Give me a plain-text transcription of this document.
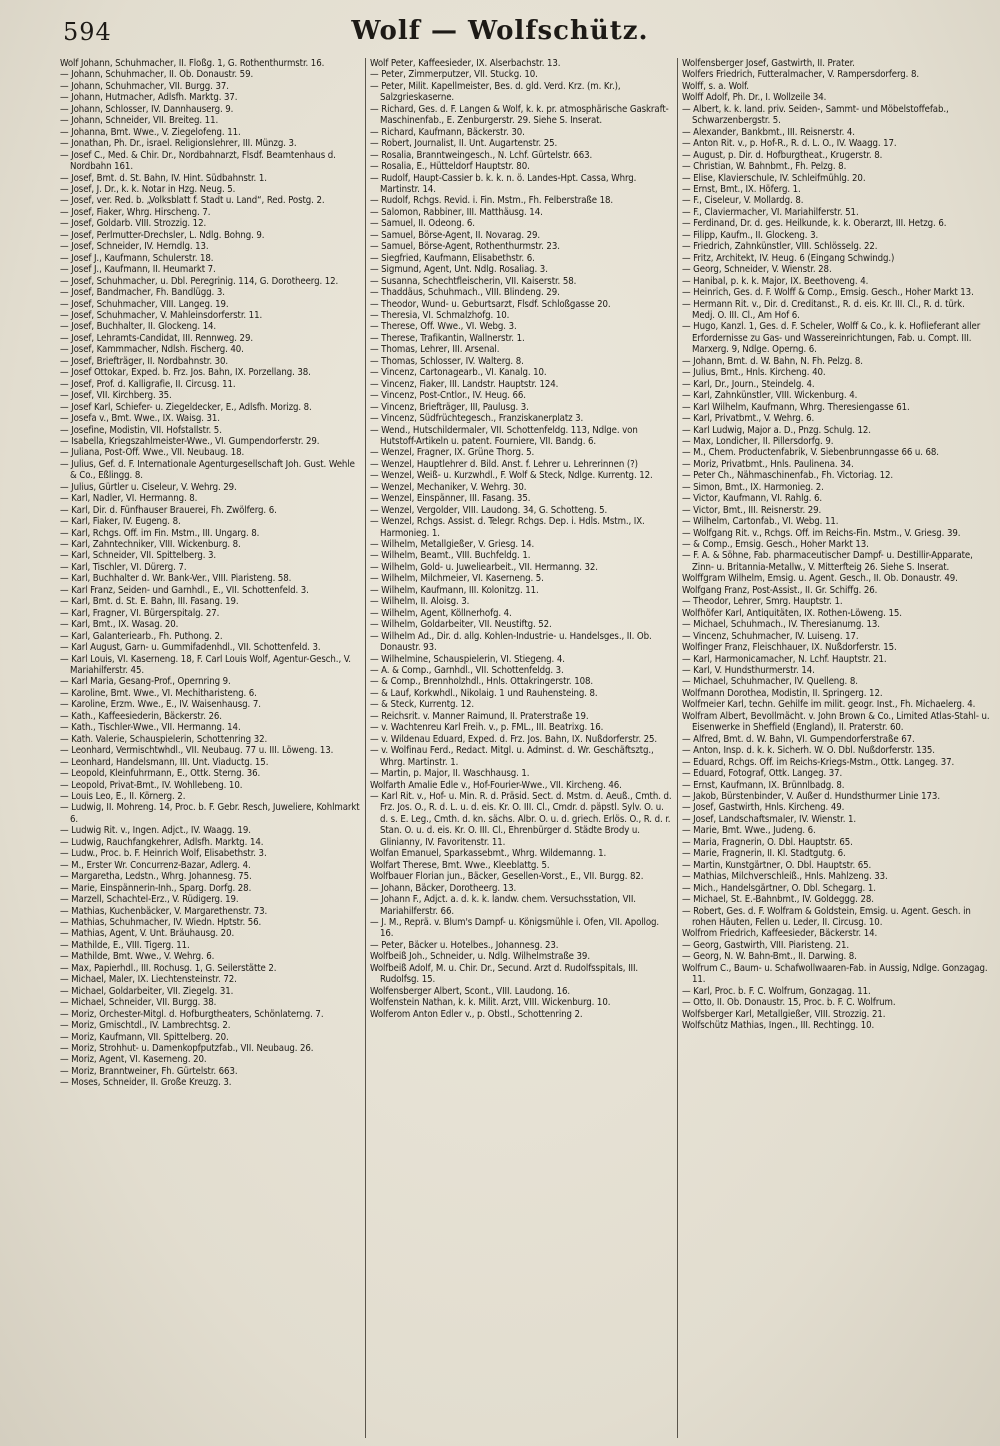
594	Wolf — Wolfschütz.
Wolf Johann, Schuhmacher, II. Floßg. 1, G. Rothenthurmstr. 16.
— Johann, Schuhmacher, II. Ob. Donaustr. 59.
— Johann, Schuhmacher, VII. Burgg. 37.
— Johann, Hutmacher, Adlsfh. Marktg. 37.
— Johann, Schlosser, IV. Dannhauserg. 9.
— Johann, Schneider, VII. Breiteg. 11.
— Johanna, Bmt. Wwe., V. Ziegelofeng. 11.
— Jonathan, Ph. Dr., israel. Religionslehrer, III. Münzg. 3.
— Josef C., Med. & Chir. Dr., Nordbahnarzt, Flsdf. Beamtenhaus d. Nordbahn 161.
— Josef, Bmt. d. St. Bahn, IV. Hint. Südbahnstr. 1.
— Josef, J. Dr., k. k. Notar in Hzg. Neug. 5.
— Josef, ver. Red. b. „Volksblatt f. Stadt u. Land“, Red. Postg. 2.
— Josef, Fiaker, Whrg. Hirscheng. 7.
— Josef, Goldarb. VIII. Strozzig. 12.
— Josef, Perlmutter-Drechsler, L. Ndlg. Bohng. 9.
— Josef, Schneider, IV. Herndlg. 13.
— Josef J., Kaufmann, Schulerstr. 18.
— Josef J., Kaufmann, II. Heumarkt 7.
— Josef, Schuhmacher, u. Dbl. Peregrinig. 114, G. Dorotheerg. 12.
— Josef, Bandmacher, Fh. Bandlügg. 3.
— Josef, Schuhmacher, VIII. Langeg. 19.
— Josef, Schuhmacher, V. Mahleinsdorferstr. 11.
— Josef, Buchhalter, II. Glockeng. 14.
— Josef, Lehramts-Candidat, III. Rennweg. 29.
— Josef, Kammmacher, Ndlsh. Fischerg. 40.
— Josef, Briefträger, II. Nordbahnstr. 30.
— Josef Ottokar, Exped. b. Frz. Jos. Bahn, IX. Porzellang. 38.
— Josef, Prof. d. Kalligrafie, II. Circusg. 11.
— Josef, VII. Kirchberg. 35.
— Josef Karl, Schiefer- u. Ziegeldecker, E., Adlsfh. Morizg. 8.
— Josefa v., Bmt. Wwe., IX. Waisg. 31.
— Josefine, Modistin, VII. Hofstallstr. 5.
— Isabella, Kriegszahlmeister-Wwe., VI. Gumpendorferstr. 29.
— Juliana, Post-Off. Wwe., VII. Neubaug. 18.
— Julius, Gef. d. F. Internationale Agenturgesellschaft Joh. Gust. Wehle & Co., Eßlingg. 8.
— Julius, Gürtler u. Ciseleur, V. Wehrg. 29.
— Karl, Nadler, VI. Hermanng. 8.
— Karl, Dir. d. Fünfhauser Brauerei, Fh. Zwölferg. 6.
— Karl, Fiaker, IV. Eugeng. 8.
— Karl, Rchgs. Off. im Fin. Mstm., III. Ungarg. 8.
— Karl, Zahntechniker, VIII. Wickenburg. 8.
— Karl, Schneider, VII. Spittelberg. 3.
— Karl, Tischler, VI. Dürerg. 7.
— Karl, Buchhalter d. Wr. Bank-Ver., VIII. Piaristeng. 58.
— Karl Franz, Seiden- und Garnhdl., E., VII. Schottenfeld. 3.
— Karl, Bmt. d. St. E. Bahn, III. Fasang. 19.
— Karl, Fragner, VI. Bürgerspitalg. 27.
— Karl, Bmt., IX. Wasag. 20.
— Karl, Galanteriearb., Fh. Puthong. 2.
— Karl August, Garn- u. Gummifadenhdl., VII. Schottenfeld. 3.
— Karl Louis, VI. Kaserneng. 18, F. Carl Louis Wolf, Agentur-Gesch., V. Mariahilferstr. 45.
— Karl Maria, Gesang-Prof., Opernring 9.
— Karoline, Bmt. Wwe., VI. Mechitharisteng. 6.
— Karoline, Erzm. Wwe., E., IV. Waisenhausg. 7.
— Kath., Kaffeesiederin, Bäckerstr. 26.
— Kath., Tischler-Wwe., VII. Hermanng. 14.
— Kath. Valerie, Schauspielerin, Schottenring 32.
— Leonhard, Vermischtwhdl., VII. Neubaug. 77 u. III. Löweng. 13.
— Leonhard, Handelsmann, III. Unt. Viaductg. 15.
— Leopold, Kleinfuhrmann, E., Ottk. Sterng. 36.
— Leopold, Privat-Bmt., IV. Wohllebeng. 10.
— Louis Leo, E., II. Körnerg. 2.
— Ludwig, II. Mohreng. 14, Proc. b. F. Gebr. Resch, Juweliere, Kohlmarkt 6.
— Ludwig Rit. v., Ingen. Adjct., IV. Waagg. 19.
— Ludwig, Rauchfangkehrer, Adlsfh. Marktg. 14.
— Ludw., Proc. b. F. Heinrich Wolf, Elisabethstr. 3.
— M., Erster Wr. Concurrenz-Bazar, Adlerg. 4.
— Margaretha, Ledstn., Whrg. Johannesg. 75.
— Marie, Einspännerin-Inh., Sparg. Dorfg. 28.
— Marzell, Schachtel-Erz., V. Rüdigerg. 19.
— Mathias, Kuchenbäcker, V. Margarethenstr. 73.
— Mathias, Schuhmacher, IV. Wiedn. Hptstr. 56.
— Mathias, Agent, V. Unt. Bräuhausg. 20.
— Mathilde, E., VIII. Tigerg. 11.
— Mathilde, Bmt. Wwe., V. Wehrg. 6.
— Max, Papierhdl., III. Rochusg. 1, G. Seilerstätte 2.
— Michael, Maler, IX. Liechtensteinstr. 72.
— Michael, Goldarbeiter, VII. Ziegelg. 31.
— Michael, Schneider, VII. Burgg. 38.
— Moriz, Orchester-Mitgl. d. Hofburgtheaters, Schönlaterng. 7.
— Moriz, Gmischtdl., IV. Lambrechtsg. 2.
— Moriz, Kaufmann, VII. Spittelberg. 20.
— Moriz, Strohhut- u. Damenkopfputzfab., VII. Neubaug. 26.
— Moriz, Agent, VI. Kaserneng. 20.
— Moriz, Branntweiner, Fh. Gürtelstr. 663.
— Moses, Schneider, II. Große Kreuzg. 3.
Wolf Peter, Kaffeesieder, IX. Alserbachstr. 13.
— Peter, Zimmerputzer, VII. Stuckg. 10.
— Peter, Milit. Kapellmeister, Bes. d. gld. Verd. Krz. (m. Kr.), Salzgrieskaserne.
— Richard, Ges. d. F. Langen & Wolf, k. k. pr. atmosphärische Gaskraft-Maschinenfab., E. Zenburgerstr. 29. Siehe S. Inserat.
— Richard, Kaufmann, Bäckerstr. 30.
— Robert, Journalist, II. Unt. Augartenstr. 25.
— Rosalia, Branntweingesch., N. Lchf. Gürtelstr. 663.
— Rosalia, E., Hütteldorf Hauptstr. 80.
— Rudolf, Haupt-Cassier b. k. k. n. ö. Landes-Hpt. Cassa, Whrg. Martinstr. 14.
— Rudolf, Rchgs. Revid. i. Fin. Mstm., Fh. Felberstraße 18.
— Salomon, Rabbiner, III. Matthäusg. 14.
— Samuel, II. Odeong. 6.
— Samuel, Börse-Agent, II. Novarag. 29.
— Samuel, Börse-Agent, Rothenthurmstr. 23.
— Siegfried, Kaufmann, Elisabethstr. 6.
— Sigmund, Agent, Unt. Ndlg. Rosaliag. 3.
— Susanna, Schechtfleischerin, VII. Kaiserstr. 58.
— Thaddäus, Schuhmach., VIII. Blindeng. 29.
— Theodor, Wund- u. Geburtsarzt, Flsdf. Schloßgasse 20.
— Theresia, VI. Schmalzhofg. 10.
— Therese, Off. Wwe., VI. Webg. 3.
— Therese, Trafikantin, Wallnerstr. 1.
— Thomas, Lehrer, III. Arsenal.
— Thomas, Schlosser, IV. Walterg. 8.
— Vincenz, Cartonagearb., VI. Kanalg. 10.
— Vincenz, Fiaker, III. Landstr. Hauptstr. 124.
— Vincenz, Post-Cntlor., IV. Heug. 66.
— Vincenz, Briefträger, III, Paulusg. 3.
— Vincenz, Südfrüchtegesch., Franziskanerplatz 3.
— Wend., Hutschildermaler, VII. Schottenfeldg. 113, Ndlge. von Hutstoff-Artikeln u. patent. Fourniere, VII. Bandg. 6.
— Wenzel, Fragner, IX. Grüne Thorg. 5.
— Wenzel, Hauptlehrer d. Bild. Anst. f. Lehrer u. Lehrerinnen (?)
— Wenzel, Weiß- u. Kurzwhdl., F. Wolf & Steck, Ndlge. Kurrentg. 12.
— Wenzel, Mechaniker, V. Wehrg. 30.
— Wenzel, Einspänner, III. Fasang. 35.
— Wenzel, Vergolder, VIII. Laudong. 34, G. Schotteng. 5.
— Wenzel, Rchgs. Assist. d. Telegr. Rchgs. Dep. i. Hdls. Mstm., IX. Harmonieg. 1.
— Wilhelm, Metallgießer, V. Griesg. 14.
— Wilhelm, Beamt., VIII. Buchfeldg. 1.
— Wilhelm, Gold- u. Juweliearbeit., VII. Hermanng. 32.
— Wilhelm, Milchmeier, VI. Kaserneng. 5.
— Wilhelm, Kaufmann, III. Kolonitzg. 11.
— Wilhelm, II. Aloisg. 3.
— Wilhelm, Agent, Köllnerhofg. 4.
— Wilhelm, Goldarbeiter, VII. Neustiftg. 52.
— Wilhelm Ad., Dir. d. allg. Kohlen-Industrie- u. Handelsges., II. Ob. Donaustr. 93.
— Wilhelmine, Schauspielerin, VI. Stiegeng. 4.
— A. & Comp., Garnhdl., VII. Schottenfeldg. 3.
— & Comp., Brennholzhdl., Hnls. Ottakringerstr. 108.
— & Lauf, Korkwhdl., Nikolaig. 1 und Rauhensteing. 8.
— & Steck, Kurrentg. 12.
— Reichsrit. v. Manner Raimund, II. Praterstraße 19.
— v. Wachtenreu Karl Freih. v., p. FML., III. Beatrixg. 16.
— v. Wildenau Eduard, Exped. d. Frz. Jos. Bahn, IX. Nußdorferstr. 25.
— v. Wolfinau Ferd., Redact. Mitgl. u. Adminst. d. Wr. Geschäftsztg., Whrg. Martinstr. 1.
— Martin, p. Major, II. Waschhausg. 1.
Wolfarth Amalie Edle v., Hof-Fourier-Wwe., VII. Kircheng. 46.
— Karl Rit. v., Hof- u. Min. R. d. Präsid. Sect. d. Mstm. d. Aeuß., Cmth. d. Frz. Jos. O., R. d. L. u. d. eis. Kr. O. III. Cl., Cmdr. d. päpstl. Sylv. O. u. d. s. E. Leg., Cmth. d. kn. sächs. Albr. O. u. d. griech. Erlös. O., R. d. r. Stan. O. u. d. eis. Kr. O. III. Cl., Ehrenbürger d. Städte Brody u. Glinianny, IV. Favoritenstr. 11.
Wolfan Emanuel, Sparkassebmt., Whrg. Wildemanng. 1.
Wolfart Therese, Bmt. Wwe., Kleeblattg. 5.
Wolfbauer Florian jun., Bäcker, Gesellen-Vorst., E., VII. Burgg. 82.
— Johann, Bäcker, Dorotheerg. 13.
— Johann F., Adjct. a. d. k. k. landw. chem. Versuchsstation, VII. Mariahilferstr. 66.
— J. M., Reprä. v. Blum's Dampf- u. Königsmühle i. Ofen, VII. Apollog. 16.
— Peter, Bäcker u. Hotelbes., Johannesg. 23.
Wolfbeiß Joh., Schneider, u. Ndlg. Wilhelmstraße 39.
Wolfbeiß Adolf, M. u. Chir. Dr., Secund. Arzt d. Rudolfsspitals, III. Rudolfsg. 15.
Wolfensberger Albert, Scont., VIII. Laudong. 16.
Wolfenstein Nathan, k. k. Milit. Arzt, VIII. Wickenburg. 10.
Wolferom Anton Edler v., p. Obstl., Schottenring 2.
Wolfensberger Josef, Gastwirth, II. Prater.
Wolfers Friedrich, Futteralmacher, V. Rampersdorferg. 8.
Wolff, s. a. Wolf.
Wolff Adolf, Ph. Dr., I. Wollzeile 34.
— Albert, k. k. land. priv. Seiden-, Sammt- und Möbelstoffefab., Schwarzenbergstr. 5.
— Alexander, Bankbmt., III. Reisnerstr. 4.
— Anton Rit. v., p. Hof-R., R. d. L. O., IV. Waagg. 17.
— August, p. Dir. d. Hofburgtheat., Krugerstr. 8.
— Christian, W. Bahnbmt., Fh. Pelzg. 8.
— Elise, Klavierschule, IV. Schleifmühlg. 20.
— Ernst, Bmt., IX. Höferg. 1.
— F., Ciseleur, V. Mollardg. 8.
— F., Claviermacher, VI. Mariahilferstr. 51.
— Ferdinand, Dr. d. ges. Heilkunde, k. k. Oberarzt, III. Hetzg. 6.
— Filipp, Kaufm., II. Glockeng. 3.
— Friedrich, Zahnkünstler, VIII. Schlösselg. 22.
— Fritz, Architekt, IV. Heug. 6 (Eingang Schwindg.)
— Georg, Schneider, V. Wienstr. 28.
— Hanibal, p. k. k. Major, IX. Beethoveng. 4.
— Heinrich, Ges. d. F. Wolff & Comp., Emsig. Gesch., Hoher Markt 13.
— Hermann Rit. v., Dir. d. Creditanst., R. d. eis. Kr. III. Cl., R. d. türk. Medj. O. III. Cl., Am Hof 6.
— Hugo, Kanzl. 1, Ges. d. F. Scheler, Wolff & Co., k. k. Hoflieferant aller Erfordernisse zu Gas- und Wassereinrichtungen, Fab. u. Compt. III. Marxerg. 9, Ndlge. Operng. 6.
— Johann, Bmt. d. W. Bahn, N. Fh. Pelzg. 8.
— Julius, Bmt., Hnls. Kircheng. 40.
— Karl, Dr., Journ., Steindelg. 4.
— Karl, Zahnkünstler, VIII. Wickenburg. 4.
— Karl Wilhelm, Kaufmann, Whrg. Theresiengasse 61.
— Karl, Privatbmt., V. Wehrg. 6.
— Karl Ludwig, Major a. D., Pnzg. Schulg. 12.
— Max, Londicher, II. Pillersdorfg. 9.
— M., Chem. Productenfabrik, V. Siebenbrunngasse 66 u. 68.
— Moriz, Privatbmt., Hnls. Paulinena. 34.
— Peter Ch., Nähmaschinenfab., Fh. Victoriag. 12.
— Simon, Bmt., IX. Harmonieg. 2.
— Victor, Kaufmann, VI. Rahlg. 6.
— Victor, Bmt., III. Reisnerstr. 29.
— Wilhelm, Cartonfab., VI. Webg. 11.
— Wolfgang Rit. v., Rchgs. Off. im Reichs-Fin. Mstm., V. Griesg. 39.
— & Comp., Emsig. Gesch., Hoher Markt 13.
— F. A. & Söhne, Fab. pharmaceutischer Dampf- u. Destillir-Apparate, Zinn- u. Britannia-Metallw., V. Mitterfteig 26. Siehe S. Inserat.
Wolffgram Wilhelm, Emsig. u. Agent. Gesch., II. Ob. Donaustr. 49.
Wolfgang Franz, Post-Assist., II. Gr. Schiffg. 26.
— Theodor, Lehrer, Smrg. Hauptstr. 1.
Wolfhöfer Karl, Antiquitäten, IX. Rothen-Löweng. 15.
— Michael, Schuhmach., IV. Theresianumg. 13.
— Vincenz, Schuhmacher, IV. Luiseng. 17.
Wolfinger Franz, Fleischhauer, IX. Nußdorferstr. 15.
— Karl, Harmonicamacher, N. Lchf. Hauptstr. 21.
— Karl, V. Hundsthurmerstr. 14.
— Michael, Schuhmacher, IV. Quelleng. 8.
Wolfmann Dorothea, Modistin, II. Springerg. 12.
Wolfmeier Karl, techn. Gehilfe im milit. geogr. Inst., Fh. Michaelerg. 4.
Wolfram Albert, Bevollmächt. v. John Brown & Co., Limited Atlas-Stahl- u. Eisenwerke in Sheffield (England), II. Praterstr. 60.
— Alfred, Bmt. d. W. Bahn, VI. Gumpendorferstraße 67.
— Anton, Insp. d. k. k. Sicherh. W. O. Dbl. Nußdorferstr. 135.
— Eduard, Rchgs. Off. im Reichs-Kriegs-Mstm., Ottk. Langeg. 37.
— Eduard, Fotograf, Ottk. Langeg. 37.
— Ernst, Kaufmann, IX. Brünnlbadg. 8.
— Jakob, Bürstenbinder, V. Außer d. Hundsthurmer Linie 173.
— Josef, Gastwirth, Hnls. Kircheng. 49.
— Josef, Landschaftsmaler, IV. Wienstr. 1.
— Marie, Bmt. Wwe., Judeng. 6.
— Maria, Fragnerin, O. Dbl. Hauptstr. 65.
— Marie, Fragnerin, II. Kl. Stadtgutg. 6.
— Martin, Kunstgärtner, O. Dbl. Hauptstr. 65.
— Mathias, Milchverschleiß., Hnls. Mahlzeng. 33.
— Mich., Handelsgärtner, O. Dbl. Schegarg. 1.
— Michael, St. E.-Bahnbmt., IV. Goldeggg. 28.
— Robert, Ges. d. F. Wolfram & Goldstein, Emsig. u. Agent. Gesch. in rohen Häuten, Fellen u. Leder, II. Circusg. 10.
Wolfrom Friedrich, Kaffeesieder, Bäckerstr. 14.
— Georg, Gastwirth, VIII. Piaristeng. 21.
— Georg, N. W. Bahn-Bmt., II. Darwing. 8.
Wolfrum C., Baum- u. Schafwollwaaren-Fab. in Aussig, Ndlge. Gonzagag. 11.
— Karl, Proc. b. F. C. Wolfrum, Gonzagag. 11.
— Otto, II. Ob. Donaustr. 15, Proc. b. F. C. Wolfrum.
Wolfsberger Karl, Metallgießer, VIII. Strozzig. 21.
Wolfschütz Mathias, Ingen., III. Rechtingg. 10.
